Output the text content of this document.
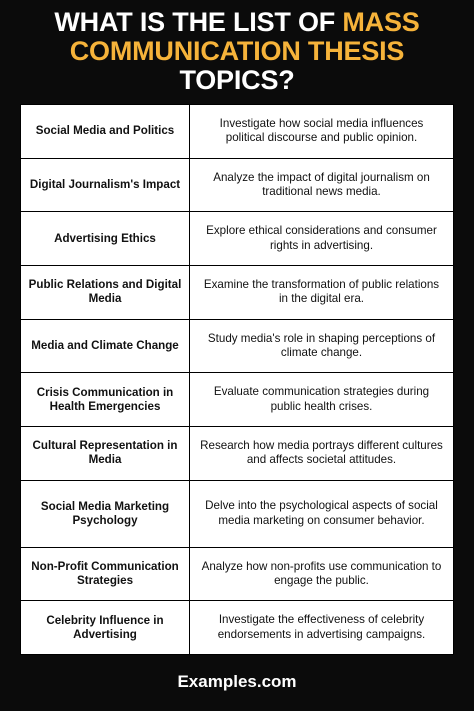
WHAT IS THE LIST OF MASS
COMMUNICATION THESIS
TOPICS?
Social Media and Politics
Investigate how social media influences political discourse and public opinion.
Digital Journalism's Impact
Analyze the impact of digital journalism on traditional news media.
Advertising Ethics
Explore ethical considerations and consumer rights in advertising.
Public Relations and Digital Media
Examine the transformation of public relations in the digital era.
Media and Climate Change
Study media's role in shaping perceptions of climate change.
Crisis Communication in Health Emergencies
Evaluate communication strategies during public health crises.
Cultural Representation in Media
Research how media portrays different cultures and affects societal attitudes.
Social Media Marketing Psychology
Delve into the psychological aspects of social media marketing on consumer behavior.
Non-Profit Communication Strategies
Analyze how non-profits use communication to engage the public.
Celebrity Influence in Advertising
Investigate the effectiveness of celebrity endorsements in advertising campaigns.
Examples.com
